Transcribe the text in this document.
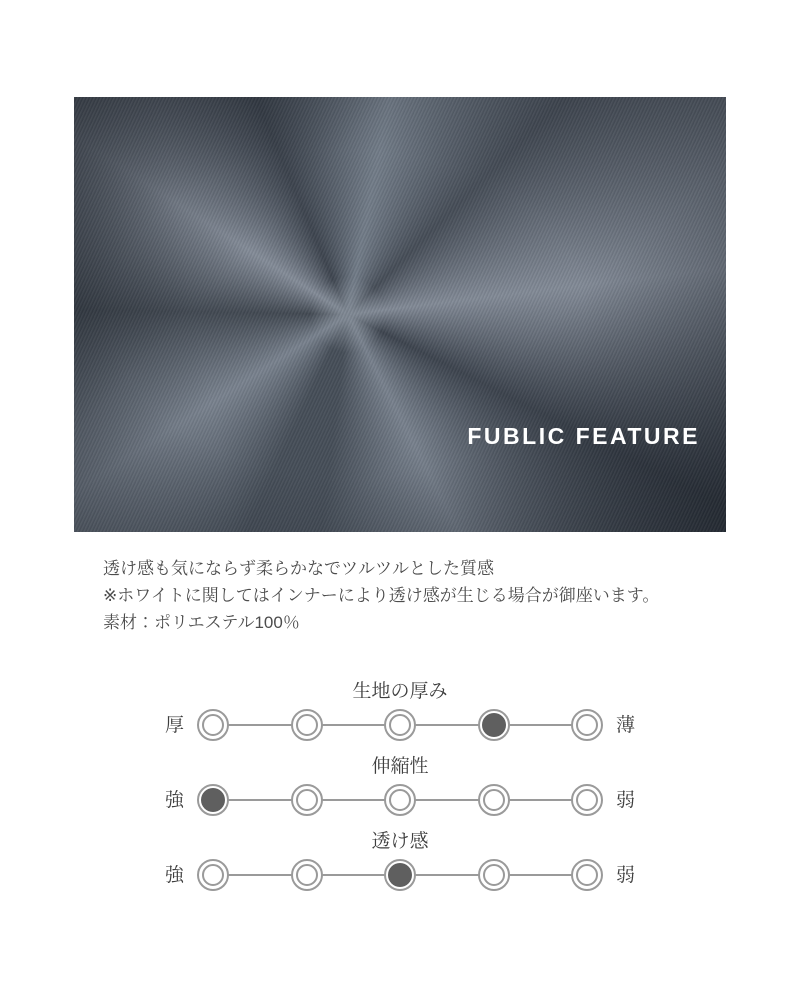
FUBLIC FEATURE

透け感も気にならず柔らかなでツルツルとした質感

※ホワイトに関してはインナーにより透け感が生じる場合が御座います。

素材：ポリエステル100％

生地の厚み
厚	薄
伸縮性
強	弱
透け感
強	弱
